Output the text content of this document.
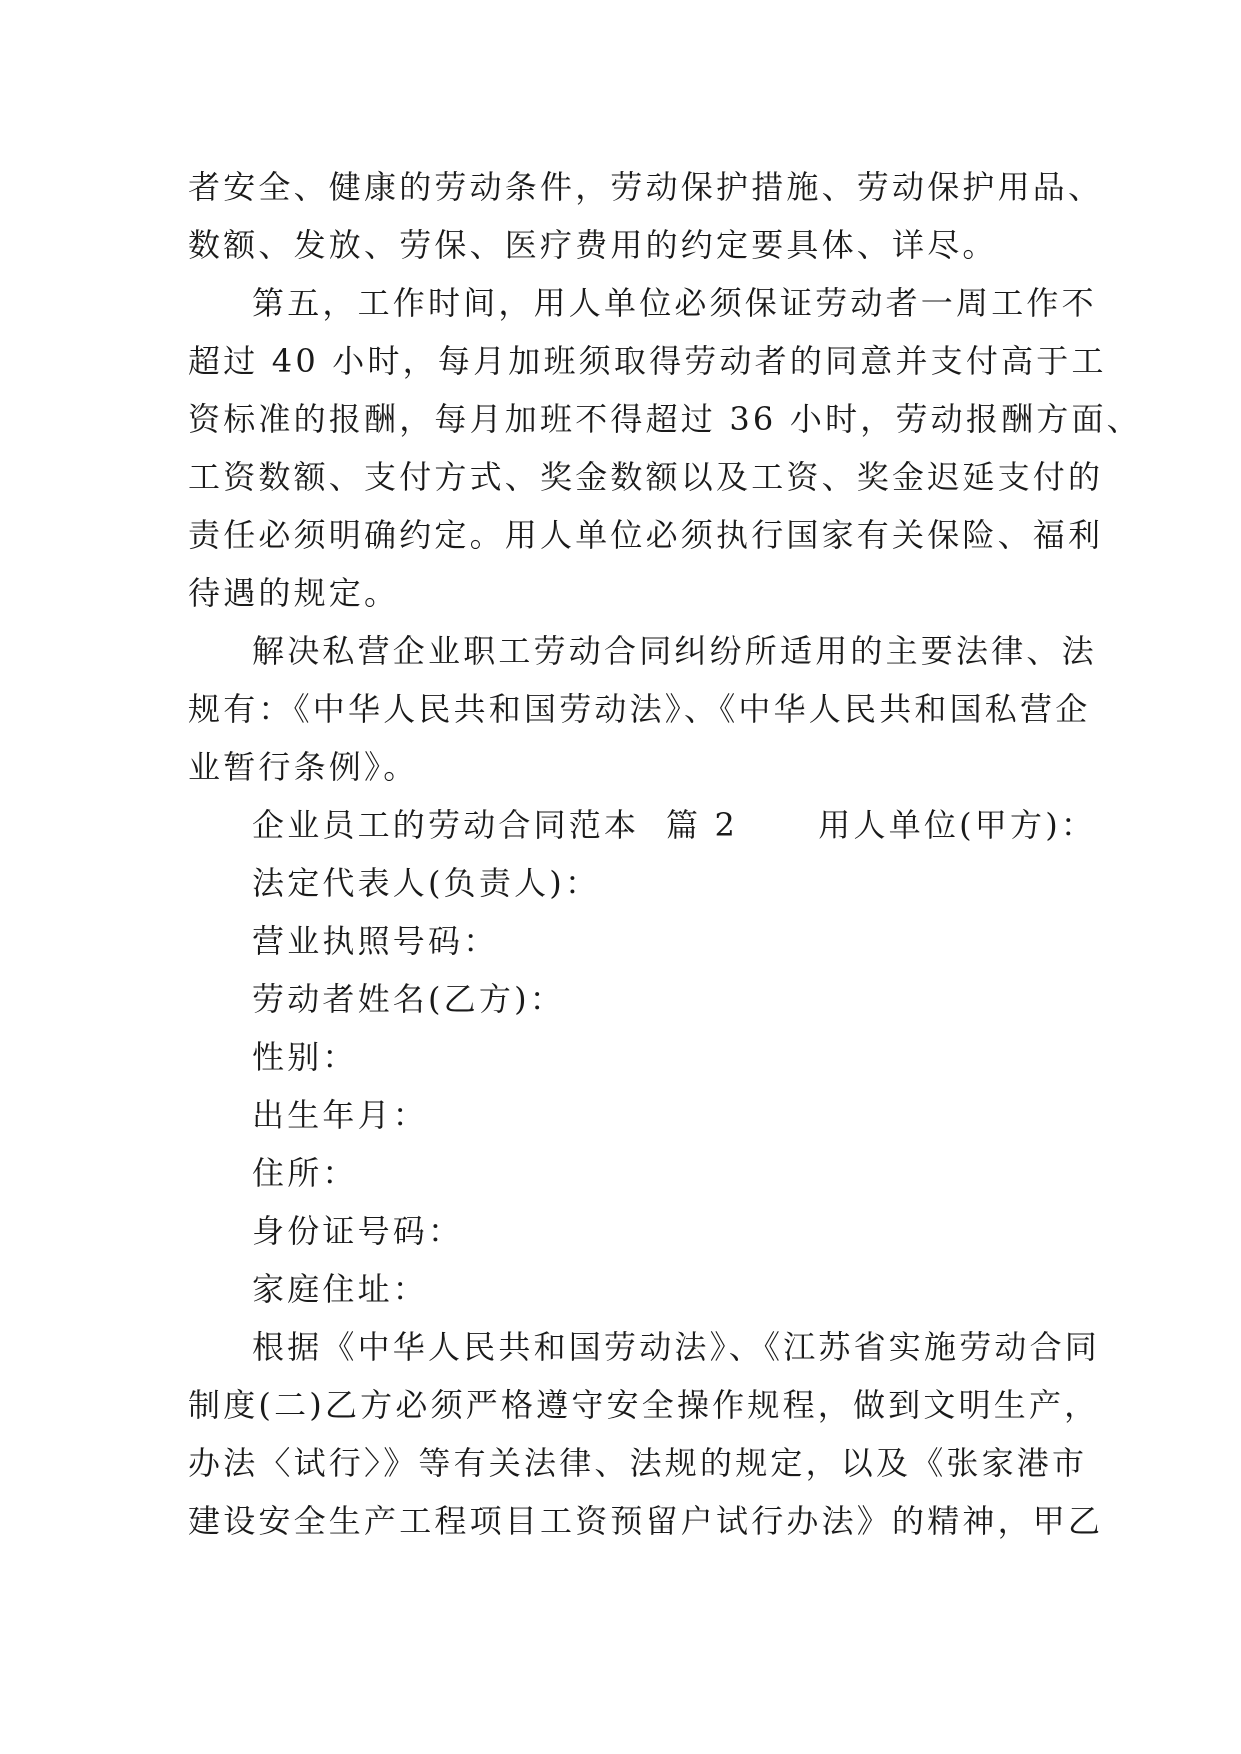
者安全、健康的劳动条件，劳动保护措施、劳动保护用品、
数额、发放、劳保、医疗费用的约定要具体、详尽。
第五，工作时间，用人单位必须保证劳动者一周工作不
超过 40 小时，每月加班须取得劳动者的同意并支付高于工
资标准的报酬，每月加班不得超过 36 小时，劳动报酬方面、
工资数额、支付方式、奖金数额以及工资、奖金迟延支付的
责任必须明确约定。用人单位必须执行国家有关保险、福利
待遇的规定。
解决私营企业职工劳动合同纠纷所适用的主要法律、法
规有：《中华人民共和国劳动法》、《中华人民共和国私营企
业暂行条例》。
企业员工的劳动合同范本  篇 2      用人单位(甲方)：
法定代表人(负责人)：
营业执照号码：
劳动者姓名(乙方)：
性别：
出生年月：
住所：
身份证号码：
家庭住址：
根据《中华人民共和国劳动法》、《江苏省实施劳动合同
制度(二)乙方必须严格遵守安全操作规程，做到文明生产，
办法〈试行〉》等有关法律、法规的规定，以及《张家港市
建设安全生产工程项目工资预留户试行办法》的精神，甲乙
